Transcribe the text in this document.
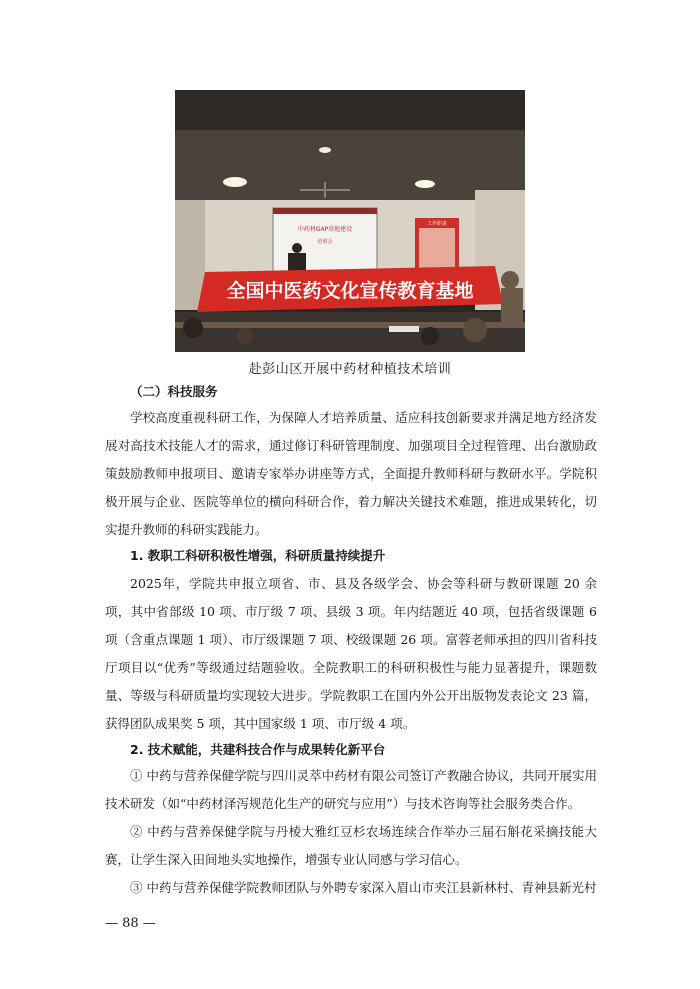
中药材GAP基地建设
培训会
工作职责
全国中医药文化宣传教育基地
赴彭山区开展中药材种植技术培训
（二）科技服务
学校高度重视科研工作，为保障人才培养质量、适应科技创新要求并满足地方经济发展对高技术技能人才的需求，通过修订科研管理制度、加强项目全过程管理、出台激励政策鼓励教师申报项目、邀请专家举办讲座等方式，全面提升教师科研与教研水平。学院积极开展与企业、医院等单位的横向科研合作，着力解决关键技术难题，推进成果转化，切实提升教师的科研实践能力。
1. 教职工科研积极性增强，科研质量持续提升
2025年，学院共申报立项省、市、县及各级学会、协会等科研与教研课题 20 余项，其中省部级 10 项、市厅级 7 项、县级 3 项。年内结题近 40 项，包括省级课题 6 项（含重点课题 1 项）、市厅级课题 7 项、校级课题 26 项。富蓉老师承担的四川省科技厅项目以“优秀”等级通过结题验收。全院教职工的科研积极性与能力显著提升，课题数量、等级与科研质量均实现较大进步。学院教职工在国内外公开出版物发表论文 23 篇，获得团队成果奖 5 项，其中国家级 1 项、市厅级 4 项。
2. 技术赋能，共建科技合作与成果转化新平台
① 中药与营养保健学院与四川灵萃中药材有限公司签订产教融合协议，共同开展实用技术研发（如“中药材泽泻规范化生产的研究与应用”）与技术咨询等社会服务类合作。
② 中药与营养保健学院与丹棱大雅红豆杉农场连续合作举办三届石斛花采摘技能大赛，让学生深入田间地头实地操作，增强专业认同感与学习信心。
③ 中药与营养保健学院教师团队与外聘专家深入眉山市夹江县新林村、青神县新光村
— 88 —
